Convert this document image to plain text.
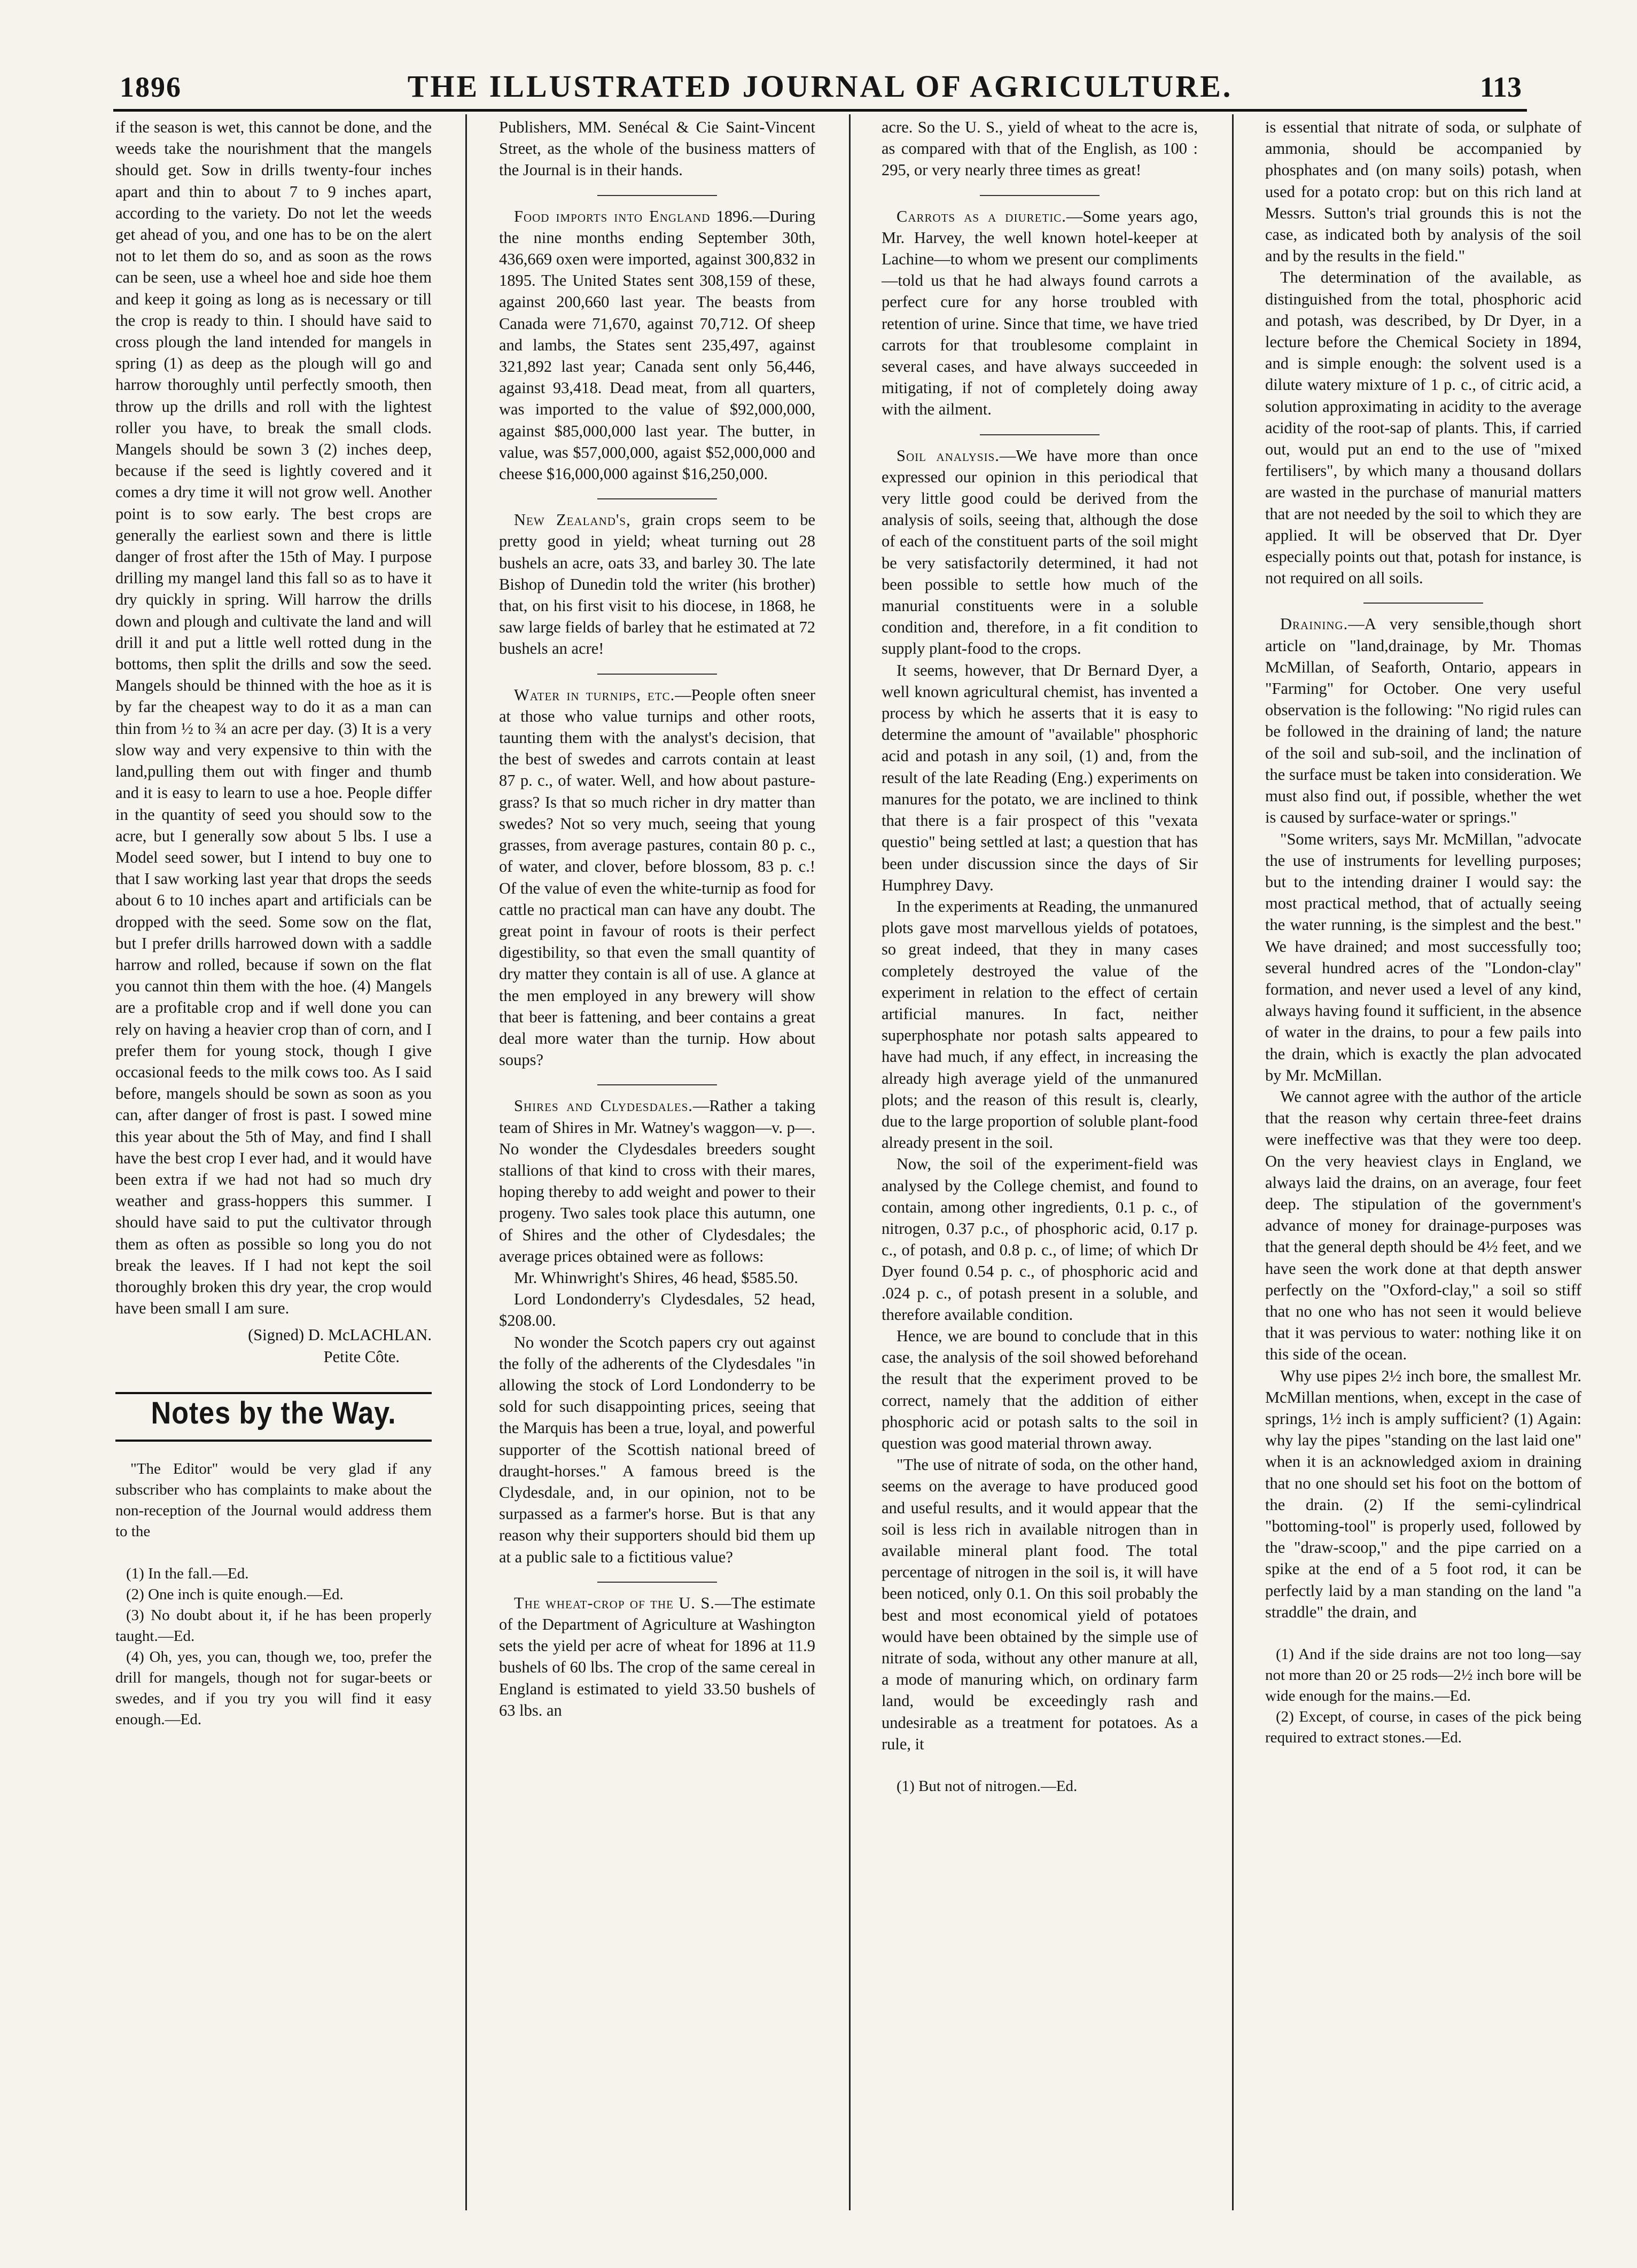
1896	THE ILLUSTRATED JOURNAL OF AGRICULTURE.	113

if the season is wet, this cannot be done, and the weeds take the nourishment that the mangels should get. Sow in drills twenty-four inches apart and thin to about 7 to 9 inches apart, according to the variety. Do not let the weeds get ahead of you, and one has to be on the alert not to let them do so, and as soon as the rows can be seen, use a wheel hoe and side hoe them and keep it going as long as is necessary or till the crop is ready to thin. I should have said to cross plough the land intended for mangels in spring (1) as deep as the plough will go and harrow thoroughly until perfectly smooth, then throw up the drills and roll with the lightest roller you have, to break the small clods. Mangels should be sown 3 (2) inches deep, because if the seed is lightly covered and it comes a dry time it will not grow well. Another point is to sow early. The best crops are generally the earliest sown and there is little danger of frost after the 15th of May. I purpose drilling my mangel land this fall so as to have it dry quickly in spring. Will harrow the drills down and plough and cultivate the land and will drill it and put a little well rotted dung in the bottoms, then split the drills and sow the seed. Mangels should be thinned with the hoe as it is by far the cheapest way to do it as a man can thin from ½ to ¾ an acre per day. (3) It is a very slow way and very expensive to thin with the land,pulling them out with finger and thumb and it is easy to learn to use a hoe. People differ in the quantity of seed you should sow to the acre, but I generally sow about 5 lbs. I use a Model seed sower, but I intend to buy one to that I saw working last year that drops the seeds about 6 to 10 inches apart and artificials can be dropped with the seed. Some sow on the flat, but I prefer drills harrowed down with a saddle harrow and rolled, because if sown on the flat you cannot thin them with the hoe. (4) Mangels are a profitable crop and if well done you can rely on having a heavier crop than of corn, and I prefer them for young stock, though I give occasional feeds to the milk cows too. As I said before, mangels should be sown as soon as you can, after danger of frost is past. I sowed mine this year about the 5th of May, and find I shall have the best crop I ever had, and it would have been extra if we had not had so much dry weather and grass-hoppers this summer. I should have said to put the cultivator through them as often as possible so long you do not break the leaves. If I had not kept the soil thoroughly broken this dry year, the crop would have been small I am sure.

(Signed) D. McLACHLAN.

Petite Côte.

Notes by the Way.

"The Editor" would be very glad if any subscriber who has complaints to make about the non-reception of the Journal would address them to the

(1) In the fall.—Ed.

(2) One inch is quite enough.—Ed.

(3) No doubt about it, if he has been properly taught.—Ed.

(4) Oh, yes, you can, though we, too, prefer the drill for mangels, though not for sugar-beets or swedes, and if you try you will find it easy enough.—Ed.

Publishers, MM. Senécal & Cie Saint-Vincent Street, as the whole of the business matters of the Journal is in their hands.

Food imports into England 1896.—During the nine months ending September 30th, 436,669 oxen were imported, against 300,832 in 1895. The United States sent 308,159 of these, against 200,660 last year. The beasts from Canada were 71,670, against 70,712. Of sheep and lambs, the States sent 235,497, against 321,892 last year; Canada sent only 56,446, against 93,418. Dead meat, from all quarters, was imported to the value of $92,000,000, against $85,000,000 last year. The butter, in value, was $57,000,000, agaist $52,000,000 and cheese $16,000,000 against $16,250,000.

New Zealand's, grain crops seem to be pretty good in yield; wheat turning out 28 bushels an acre, oats 33, and barley 30. The late Bishop of Dunedin told the writer (his brother) that, on his first visit to his diocese, in 1868, he saw large fields of barley that he estimated at 72 bushels an acre!

Water in turnips, etc.—People often sneer at those who value turnips and other roots, taunting them with the analyst's decision, that the best of swedes and carrots contain at least 87 p. c., of water. Well, and how about pasture-grass? Is that so much richer in dry matter than swedes? Not so very much, seeing that young grasses, from average pastures, contain 80 p. c., of water, and clover, before blossom, 83 p. c.! Of the value of even the white-turnip as food for cattle no practical man can have any doubt. The great point in favour of roots is their perfect digestibility, so that even the small quantity of dry matter they contain is all of use. A glance at the men employed in any brewery will show that beer is fattening, and beer contains a great deal more water than the turnip. How about soups?

Shires and Clydesdales.—Rather a taking team of Shires in Mr. Watney's waggon—v. p—. No wonder the Clydesdales breeders sought stallions of that kind to cross with their mares, hoping thereby to add weight and power to their progeny. Two sales took place this autumn, one of Shires and the other of Clydesdales; the average prices obtained were as follows:

Mr. Whinwright's Shires, 46 head, $585.50.

Lord Londonderry's Clydesdales, 52 head, $208.00.

No wonder the Scotch papers cry out against the folly of the adherents of the Clydesdales "in allowing the stock of Lord Londonderry to be sold for such disappointing prices, seeing that the Marquis has been a true, loyal, and powerful supporter of the Scottish national breed of draught-horses." A famous breed is the Clydesdale, and, in our opinion, not to be surpassed as a farmer's horse. But is that any reason why their supporters should bid them up at a public sale to a fictitious value?

The wheat-crop of the U. S.—The estimate of the Department of Agriculture at Washington sets the yield per acre of wheat for 1896 at 11.9 bushels of 60 lbs. The crop of the same cereal in England is estimated to yield 33.50 bushels of 63 lbs. an

acre. So the U. S., yield of wheat to the acre is, as compared with that of the English, as 100 : 295, or very nearly three times as great!

Carrots as a diuretic.—Some years ago, Mr. Harvey, the well known hotel-keeper at Lachine—to whom we present our compliments—told us that he had always found carrots a perfect cure for any horse troubled with retention of urine. Since that time, we have tried carrots for that troublesome complaint in several cases, and have always succeeded in mitigating, if not of completely doing away with the ailment.

Soil analysis.—We have more than once expressed our opinion in this periodical that very little good could be derived from the analysis of soils, seeing that, although the dose of each of the constituent parts of the soil might be very satisfactorily determined, it had not been possible to settle how much of the manurial constituents were in a soluble condition and, therefore, in a fit condition to supply plant-food to the crops.

It seems, however, that Dr Bernard Dyer, a well known agricultural chemist, has invented a process by which he asserts that it is easy to determine the amount of "available" phosphoric acid and potash in any soil, (1) and, from the result of the late Reading (Eng.) experiments on manures for the potato, we are inclined to think that there is a fair prospect of this "vexata questio" being settled at last; a question that has been under discussion since the days of Sir Humphrey Davy.

In the experiments at Reading, the unmanured plots gave most marvellous yields of potatoes, so great indeed, that they in many cases completely destroyed the value of the experiment in relation to the effect of certain artificial manures. In fact, neither superphosphate nor potash salts appeared to have had much, if any effect, in increasing the already high average yield of the unmanured plots; and the reason of this result is, clearly, due to the large proportion of soluble plant-food already present in the soil.

Now, the soil of the experiment-field was analysed by the College chemist, and found to contain, among other ingredients, 0.1 p. c., of nitrogen, 0.37 p.c., of phosphoric acid, 0.17 p. c., of potash, and 0.8 p. c., of lime; of which Dr Dyer found 0.54 p. c., of phosphoric acid and .024 p. c., of potash present in a soluble, and therefore available condition.

Hence, we are bound to conclude that in this case, the analysis of the soil showed beforehand the result that the experiment proved to be correct, namely that the addition of either phosphoric acid or potash salts to the soil in question was good material thrown away.

"The use of nitrate of soda, on the other hand, seems on the average to have produced good and useful results, and it would appear that the soil is less rich in available nitrogen than in available mineral plant food. The total percentage of nitrogen in the soil is, it will have been noticed, only 0.1. On this soil probably the best and most economical yield of potatoes would have been obtained by the simple use of nitrate of soda, without any other manure at all, a mode of manuring which, on ordinary farm land, would be exceedingly rash and undesirable as a treatment for potatoes. As a rule, it

(1) But not of nitrogen.—Ed.

is essential that nitrate of soda, or sulphate of ammonia, should be accompanied by phosphates and (on many soils) potash, when used for a potato crop: but on this rich land at Messrs. Sutton's trial grounds this is not the case, as indicated both by analysis of the soil and by the results in the field."

The determination of the available, as distinguished from the total, phosphoric acid and potash, was described, by Dr Dyer, in a lecture before the Chemical Society in 1894, and is simple enough: the solvent used is a dilute watery mixture of 1 p. c., of citric acid, a solution approximating in acidity to the average acidity of the root-sap of plants. This, if carried out, would put an end to the use of "mixed fertilisers", by which many a thousand dollars are wasted in the purchase of manurial matters that are not needed by the soil to which they are applied. It will be observed that Dr. Dyer especially points out that, potash for instance, is not required on all soils.

Draining.—A very sensible,though short article on "land,drainage, by Mr. Thomas McMillan, of Seaforth, Ontario, appears in "Farming" for October. One very useful observation is the following: "No rigid rules can be followed in the draining of land; the nature of the soil and sub-soil, and the inclination of the surface must be taken into consideration. We must also find out, if possible, whether the wet is caused by surface-water or springs."

"Some writers, says Mr. McMillan, "advocate the use of instruments for levelling purposes; but to the intending drainer I would say: the most practical method, that of actually seeing the water running, is the simplest and the best." We have drained; and most successfully too; several hundred acres of the "London-clay" formation, and never used a level of any kind, always having found it sufficient, in the absence of water in the drains, to pour a few pails into the drain, which is exactly the plan advocated by Mr. McMillan.

We cannot agree with the author of the article that the reason why certain three-feet drains were ineffective was that they were too deep. On the very heaviest clays in England, we always laid the drains, on an average, four feet deep. The stipulation of the government's advance of money for drainage-purposes was that the general depth should be 4½ feet, and we have seen the work done at that depth answer perfectly on the "Oxford-clay," a soil so stiff that no one who has not seen it would believe that it was pervious to water: nothing like it on this side of the ocean.

Why use pipes 2½ inch bore, the smallest Mr. McMillan mentions, when, except in the case of springs, 1½ inch is amply sufficient? (1) Again: why lay the pipes "standing on the last laid one" when it is an acknowledged axiom in draining that no one should set his foot on the bottom of the drain. (2) If the semi-cylindrical "bottoming-tool" is properly used, followed by the "draw-scoop," and the pipe carried on a spike at the end of a 5 foot rod, it can be perfectly laid by a man standing on the land "a straddle" the drain, and

(1) And if the side drains are not too long—say not more than 20 or 25 rods—2½ inch bore will be wide enough for the mains.—Ed.

(2) Except, of course, in cases of the pick being required to extract stones.—Ed.
